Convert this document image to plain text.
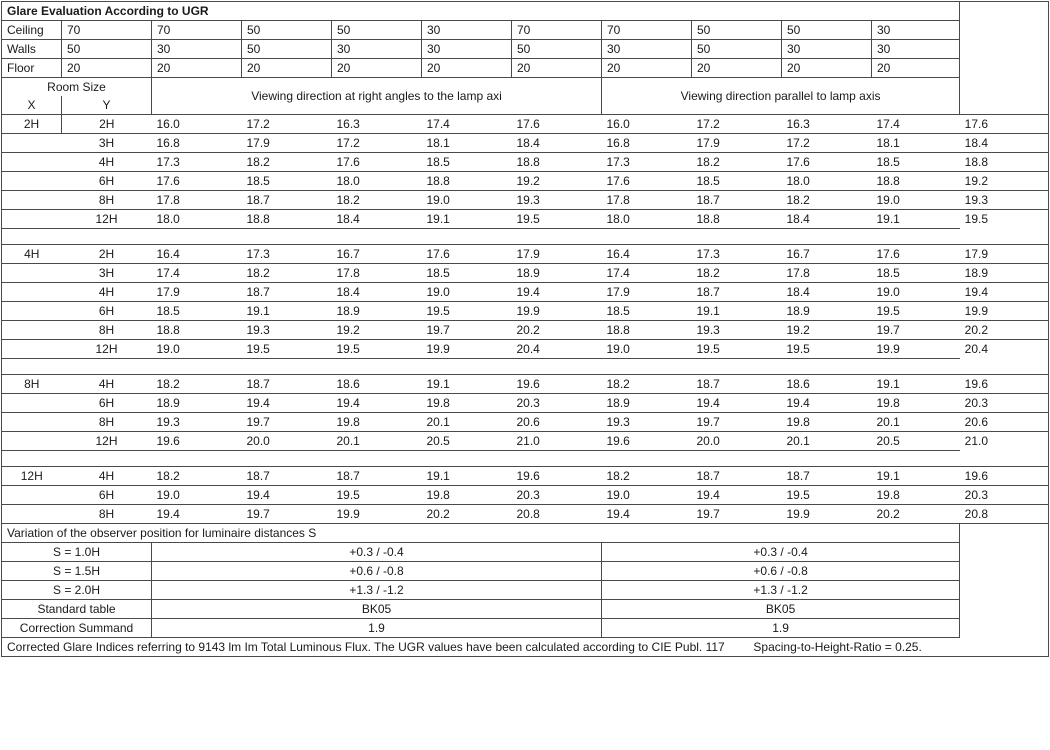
Glare Evaluation According to UGR											
Ceiling	70	70	50	50	30	70	70	50	50	30	
Walls	50	30	50	30	30	50	30	50	30	30	
Floor	20	20	20	20	20	20	20	20	20	20	
Room Size		Viewing direction at right angles to the lamp axi					Viewing direction parallel to lamp axis				
X	Y										
2H	2H	16.0	17.2	16.3	17.4	17.6	16.0	17.2	16.3	17.4	17.6
	3H	16.8	17.9	17.2	18.1	18.4	16.8	17.9	17.2	18.1	18.4
	4H	17.3	18.2	17.6	18.5	18.8	17.3	18.2	17.6	18.5	18.8
	6H	17.6	18.5	18.0	18.8	19.2	17.6	18.5	18.0	18.8	19.2
	8H	17.8	18.7	18.2	19.0	19.3	17.8	18.7	18.2	19.0	19.3
	12H	18.0	18.8	18.4	19.1	19.5	18.0	18.8	18.4	19.1	19.5

4H	2H	16.4	17.3	16.7	17.6	17.9	16.4	17.3	16.7	17.6	17.9
	3H	17.4	18.2	17.8	18.5	18.9	17.4	18.2	17.8	18.5	18.9
	4H	17.9	18.7	18.4	19.0	19.4	17.9	18.7	18.4	19.0	19.4
	6H	18.5	19.1	18.9	19.5	19.9	18.5	19.1	18.9	19.5	19.9
	8H	18.8	19.3	19.2	19.7	20.2	18.8	19.3	19.2	19.7	20.2
	12H	19.0	19.5	19.5	19.9	20.4	19.0	19.5	19.5	19.9	20.4

8H	4H	18.2	18.7	18.6	19.1	19.6	18.2	18.7	18.6	19.1	19.6
	6H	18.9	19.4	19.4	19.8	20.3	18.9	19.4	19.4	19.8	20.3
	8H	19.3	19.7	19.8	20.1	20.6	19.3	19.7	19.8	20.1	20.6
	12H	19.6	20.0	20.1	20.5	21.0	19.6	20.0	20.1	20.5	21.0

12H	4H	18.2	18.7	18.7	19.1	19.6	18.2	18.7	18.7	19.1	19.6
	6H	19.0	19.4	19.5	19.8	20.3	19.0	19.4	19.5	19.8	20.3
	8H	19.4	19.7	19.9	20.2	20.8	19.4	19.7	19.9	20.2	20.8
Variation of the observer position for luminaire distances S											
S = 1.0H		+0.3 / -0.4					+0.3 / -0.4				
S = 1.5H		+0.6 / -0.8					+0.6 / -0.8				
S = 2.0H		+1.3 / -1.2					+1.3 / -1.2				
Standard table		BK05					BK05				
Correction Summand		1.9					1.9				
Corrected Glare Indices referring to 9143 lm Im Total Luminous Flux. The UGR values have been calculated according to CIE Publ. 117 Spacing-to-Height-Ratio = 0.25.											
